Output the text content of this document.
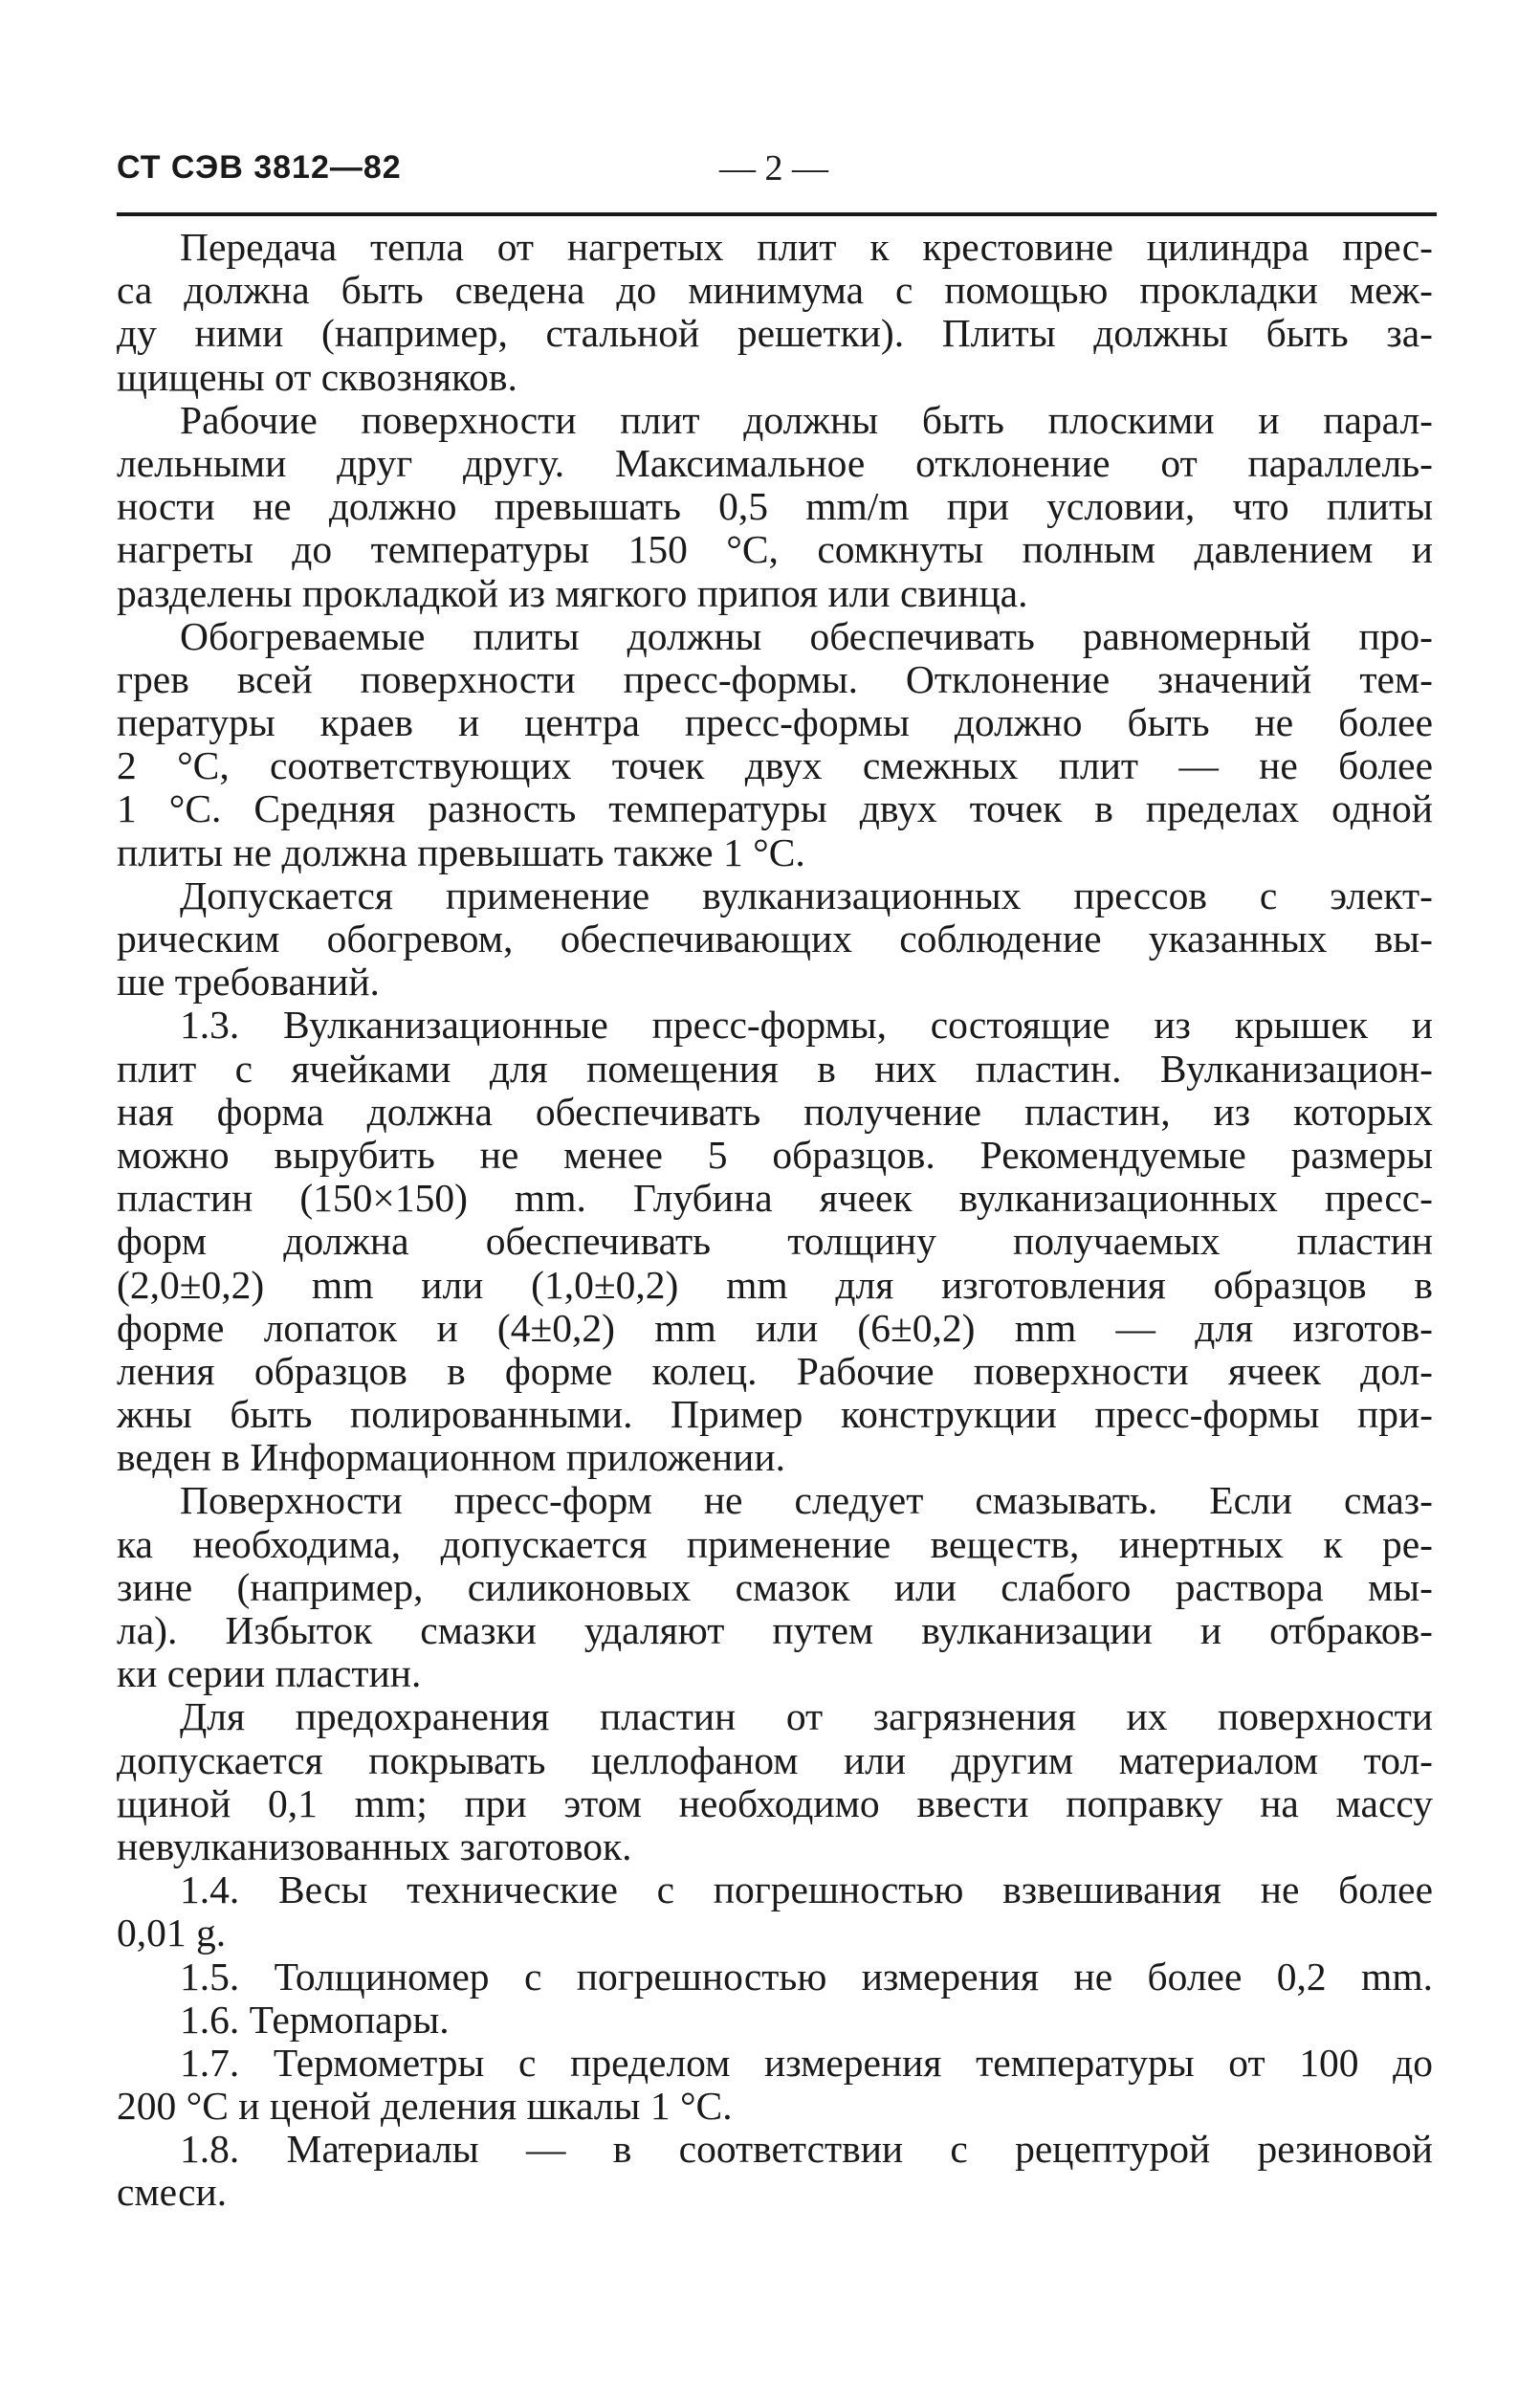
СТ СЭВ 3812—82	— 2 —
Передача тепла от нагретых плит к крестовине цилиндра прес-
са должна быть сведена до минимума с помощью прокладки меж-
ду ними (например, стальной решетки). Плиты должны быть за-
щищены от сквозняков.
Рабочие поверхности плит должны быть плоскими и парал-
лельными друг другу. Максимальное отклонение от параллель-
ности не должно превышать 0,5 mm/m при условии, что плиты
нагреты до температуры 150 °С, сомкнуты полным давлением и
разделены прокладкой из мягкого припоя или свинца.
Обогреваемые плиты должны обеспечивать равномерный про-
грев всей поверхности пресс-формы. Отклонение значений тем-
пературы краев и центра пресс-формы должно быть не более
2 °С, соответствующих точек двух смежных плит — не более
1 °С. Средняя разность температуры двух точек в пределах одной
плиты не должна превышать также 1 °С.
Допускается применение вулканизационных прессов с элект-
рическим обогревом, обеспечивающих соблюдение указанных вы-
ше требований.
1.3. Вулканизационные пресс-формы, состоящие из крышек и
плит с ячейками для помещения в них пластин. Вулканизацион-
ная форма должна обеспечивать получение пластин, из которых
можно вырубить не менее 5 образцов. Рекомендуемые размеры
пластин (150×150) mm. Глубина ячеек вулканизационных пресс-
форм должна обеспечивать толщину получаемых пластин
(2,0±0,2) mm или (1,0±0,2) mm для изготовления образцов в
форме лопаток и (4±0,2) mm или (6±0,2) mm — для изготов-
ления образцов в форме колец. Рабочие поверхности ячеек дол-
жны быть полированными. Пример конструкции пресс-формы при-
веден в Информационном приложении.
Поверхности пресс-форм не следует смазывать. Если смаз-
ка необходима, допускается применение веществ, инертных к ре-
зине (например, силиконовых смазок или слабого раствора мы-
ла). Избыток смазки удаляют путем вулканизации и отбраков-
ки серии пластин.
Для предохранения пластин от загрязнения их поверхности
допускается покрывать целлофаном или другим материалом тол-
щиной 0,1 mm; при этом необходимо ввести поправку на массу
невулканизованных заготовок.
1.4. Весы технические с погрешностью взвешивания не более
0,01 g.
1.5. Толщиномер с погрешностью измерения не более 0,2 mm.
1.6. Термопары.
1.7. Термометры с пределом измерения температуры от 100 до
200 °С и ценой деления шкалы 1 °С.
1.8. Материалы — в соответствии с рецептурой резиновой
смеси.
